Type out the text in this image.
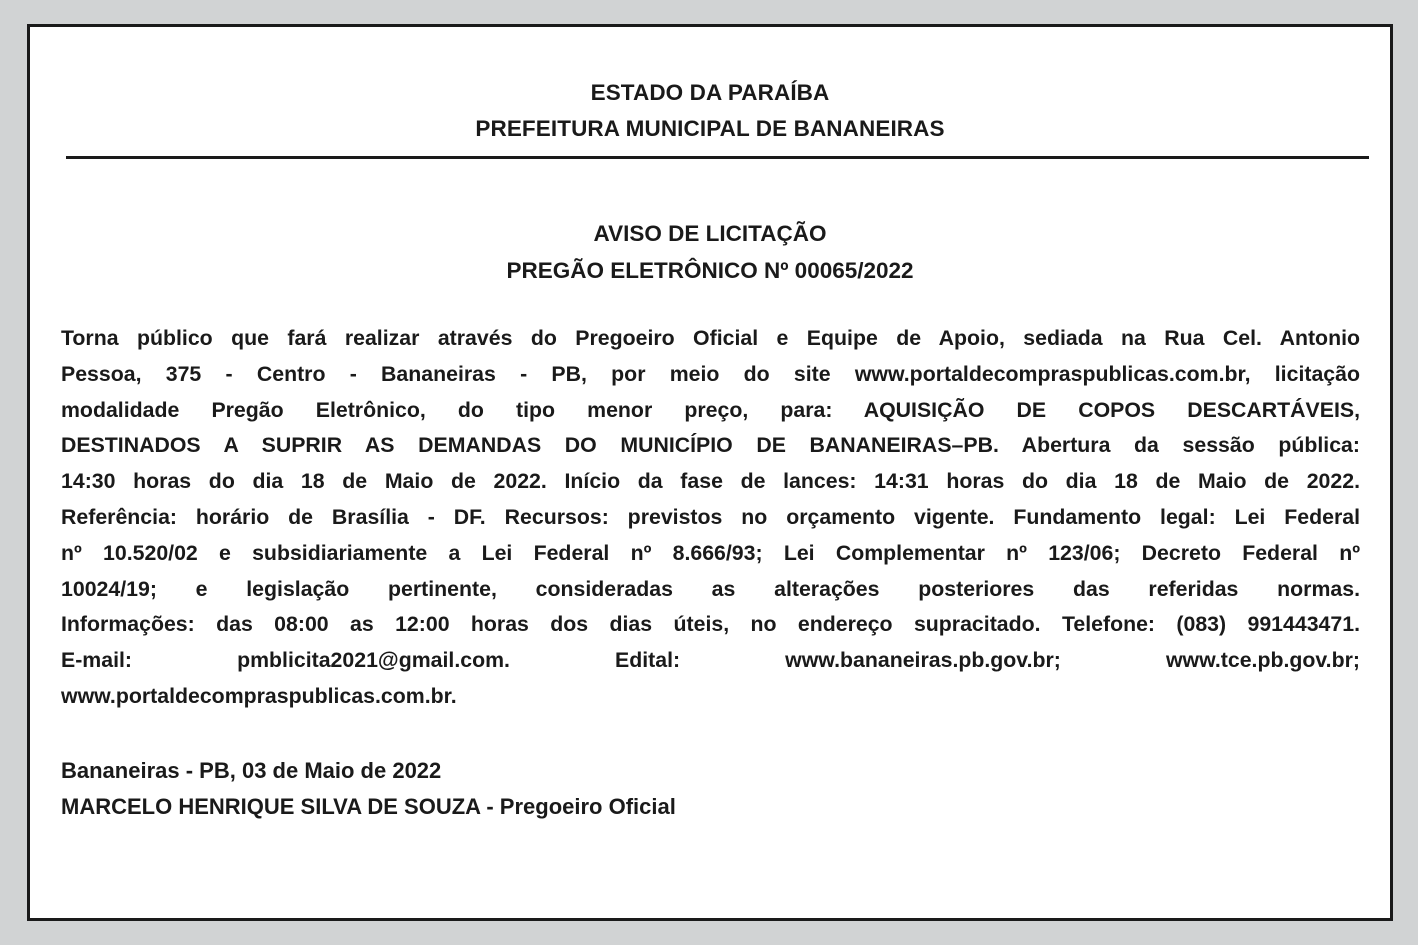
ESTADO DA PARAÍBA
PREFEITURA MUNICIPAL DE BANANEIRAS
AVISO DE LICITAÇÃO
PREGÃO ELETRÔNICO Nº 00065/2022
Torna público que fará realizar através do Pregoeiro Oficial e Equipe de Apoio, sediada na Rua Cel. Antonio
Pessoa, 375 - Centro - Bananeiras - PB, por meio do site www.portaldecompraspublicas.com.br, licitação
modalidade Pregão Eletrônico, do tipo menor preço, para: AQUISIÇÃO DE COPOS DESCARTÁVEIS,
DESTINADOS A SUPRIR AS DEMANDAS DO MUNICÍPIO DE BANANEIRAS–PB. Abertura da sessão pública:
14:30 horas do dia 18 de Maio de 2022. Início da fase de lances: 14:31 horas do dia 18 de Maio de 2022.
Referência: horário de Brasília - DF. Recursos: previstos no orçamento vigente. Fundamento legal: Lei Federal
nº 10.520/02 e subsidiariamente a Lei Federal nº 8.666/93; Lei Complementar nº 123/06; Decreto Federal nº
10024/19; e legislação pertinente, consideradas as alterações posteriores das referidas normas.
Informações: das 08:00 as 12:00 horas dos dias úteis, no endereço supracitado. Telefone: (083) 991443471.
E-mail: pmblicita2021@gmail.com. Edital: www.bananeiras.pb.gov.br; www.tce.pb.gov.br;
www.portaldecompraspublicas.com.br.
Bananeiras - PB, 03 de Maio de 2022
MARCELO HENRIQUE SILVA DE SOUZA - Pregoeiro Oficial
